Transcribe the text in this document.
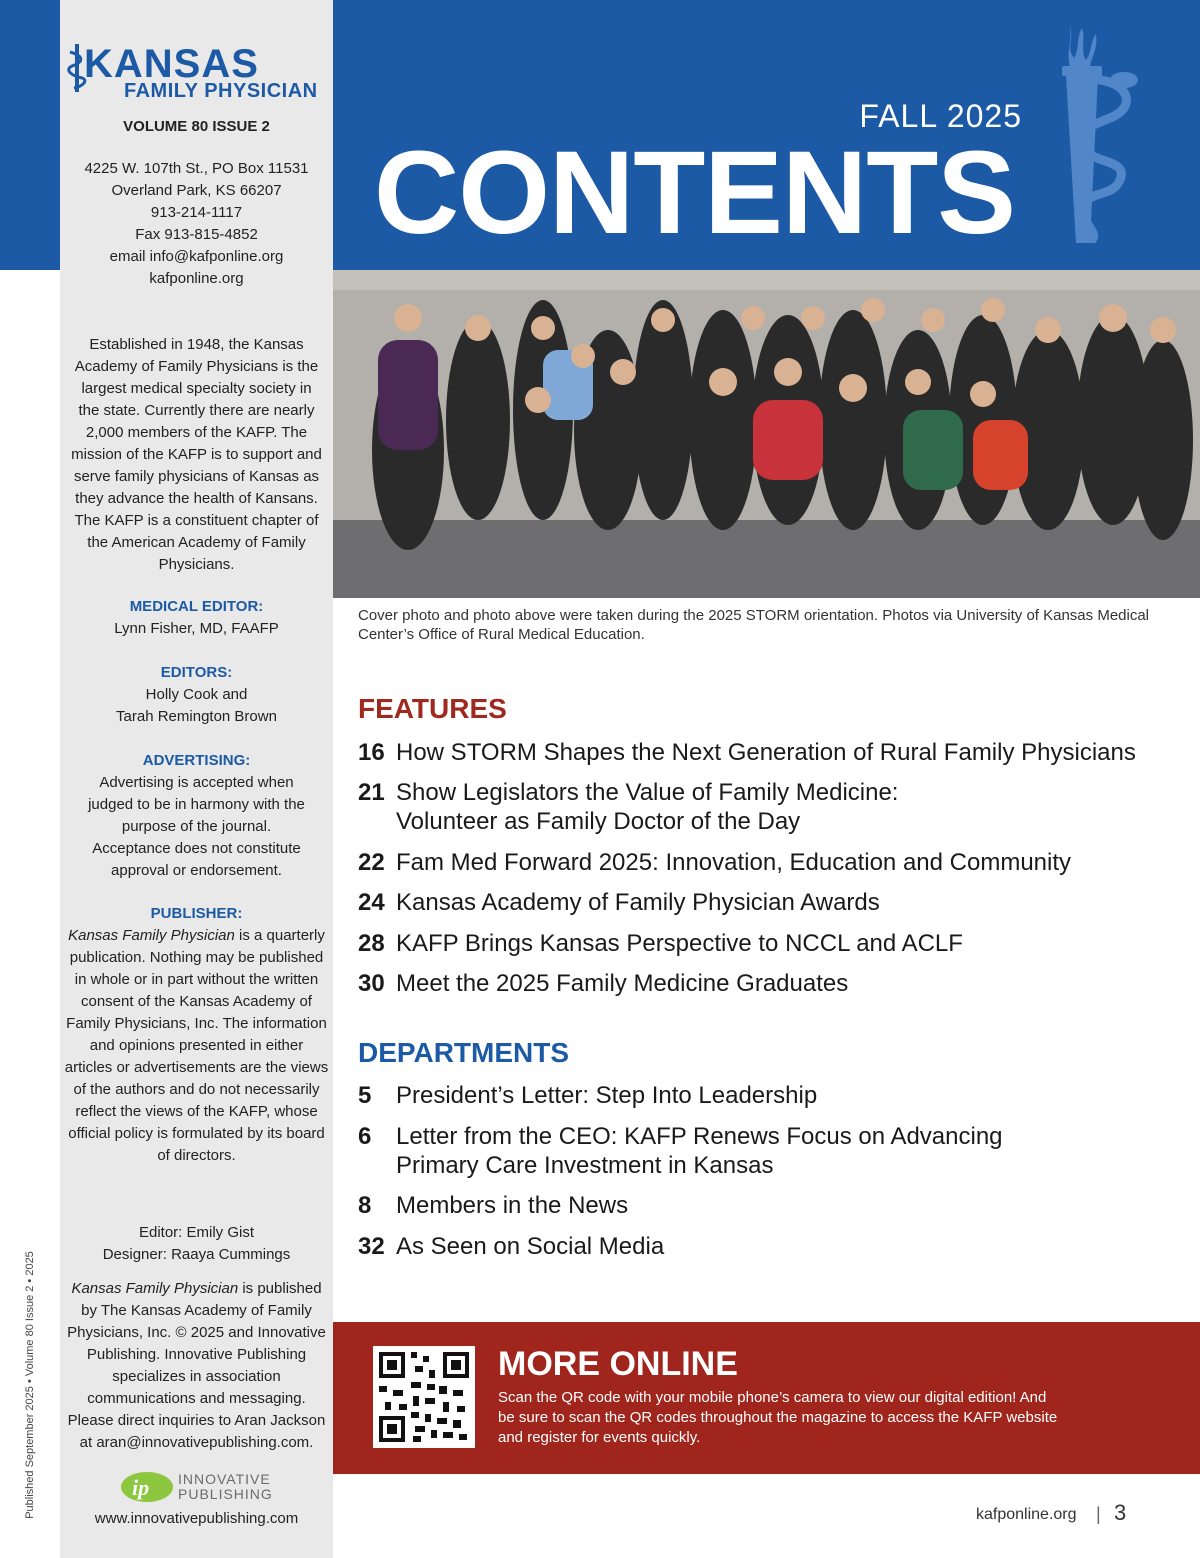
FALL 2025
CONTENTS
KANSAS
FAMILY PHYSICIAN
VOLUME 80 ISSUE 2
4225 W. 107th St., PO Box 11531
Overland Park, KS 66207
913-214-1117
Fax 913-815-4852
email info@kafponline.org
kafponline.org
Established in 1948, the Kansas Academy of Family Physicians is the largest medical specialty society in the state. Currently there are nearly 2,000 members of the KAFP. The mission of the KAFP is to support and serve family physicians of Kansas as they advance the health of Kansans. The KAFP is a constituent chapter of the American Academy of Family Physicians.
MEDICAL EDITOR:
Lynn Fisher, MD, FAAFP
EDITORS:
Holly Cook and
Tarah Remington Brown
ADVERTISING:
Advertising is accepted when judged to be in harmony with the purpose of the journal. Acceptance does not constitute approval or endorsement.
PUBLISHER:
Kansas Family Physician is a quarterly publication. Nothing may be published in whole or in part without the written consent of the Kansas Academy of Family Physicians, Inc. The information and opinions presented in either articles or advertisements are the views of the authors and do not necessarily reflect the views of the KAFP, whose official policy is formulated by its board of directors.
Editor: Emily Gist
Designer: Raaya Cummings
Kansas Family Physician is published by The Kansas Academy of Family Physicians, Inc. © 2025 and Innovative Publishing. Innovative Publishing specializes in association communications and messaging. Please direct inquiries to Aran Jackson at aran@innovativepublishing.com.
ip INNOVATIVE
PUBLISHING
www.innovativepublishing.com
Published September 2025 • Volume 80 Issue 2 • 2025
Cover photo and photo above were taken during the 2025 STORM orientation. Photos via University of Kansas Medical Center’s Office of Rural Medical Education.
FEATURES
16 How STORM Shapes the Next Generation of Rural Family Physicians
21 Show Legislators the Value of Family Medicine:
Volunteer as Family Doctor of the Day
22 Fam Med Forward 2025: Innovation, Education and Community
24 Kansas Academy of Family Physician Awards
28 KAFP Brings Kansas Perspective to NCCL and ACLF
30 Meet the 2025 Family Medicine Graduates
DEPARTMENTS
5 President’s Letter: Step Into Leadership
6 Letter from the CEO: KAFP Renews Focus on Advancing
Primary Care Investment in Kansas
8 Members in the News
32 As Seen on Social Media
MORE ONLINE
Scan the QR code with your mobile phone’s camera to view our digital edition! And be sure to scan the QR codes throughout the magazine to access the KAFP website and register for events quickly.
kafponline.org | 3
